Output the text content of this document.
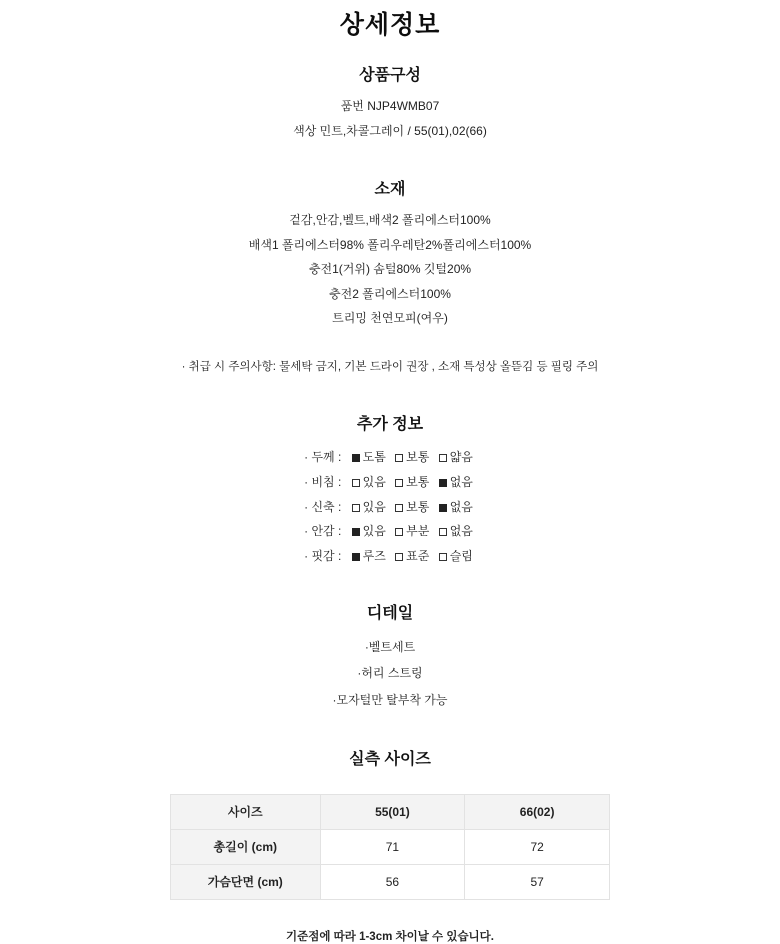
상세정보
상품구성

품번 NJP4WMB07

색상 민트,차콜그레이 / 55(01),02(66)

소재

겉감,안감,벨트,배색2 폴리에스터100%

배색1 폴리에스터98% 폴리우레탄2%폴리에스터100%

충전1(거위) 솜털80% 깃털20%

충전2 폴리에스터100%

트리밍 천연모피(여우)

· 취급 시 주의사항: 물세탁 금지, 기본 드라이 권장 , 소재 특성상 올뜯김 등 필링 주의

추가 정보
· 두께 : 도톰 보통 얇음
· 비침 : 있음 보통 없음
· 신축 : 있음 보통 없음
· 안감 : 있음 부분 없음
· 핏감 : 루즈 표준 슬림
디테일

·벨트세트

·허리 스트링

·모자털만 탈부착 가능

실측 사이즈
사이즈	55(01)	66(02)
총길이 (cm)	71	72
가슴단면 (cm)	56	57

기준점에 따라 1-3cm 차이날 수 있습니다.
